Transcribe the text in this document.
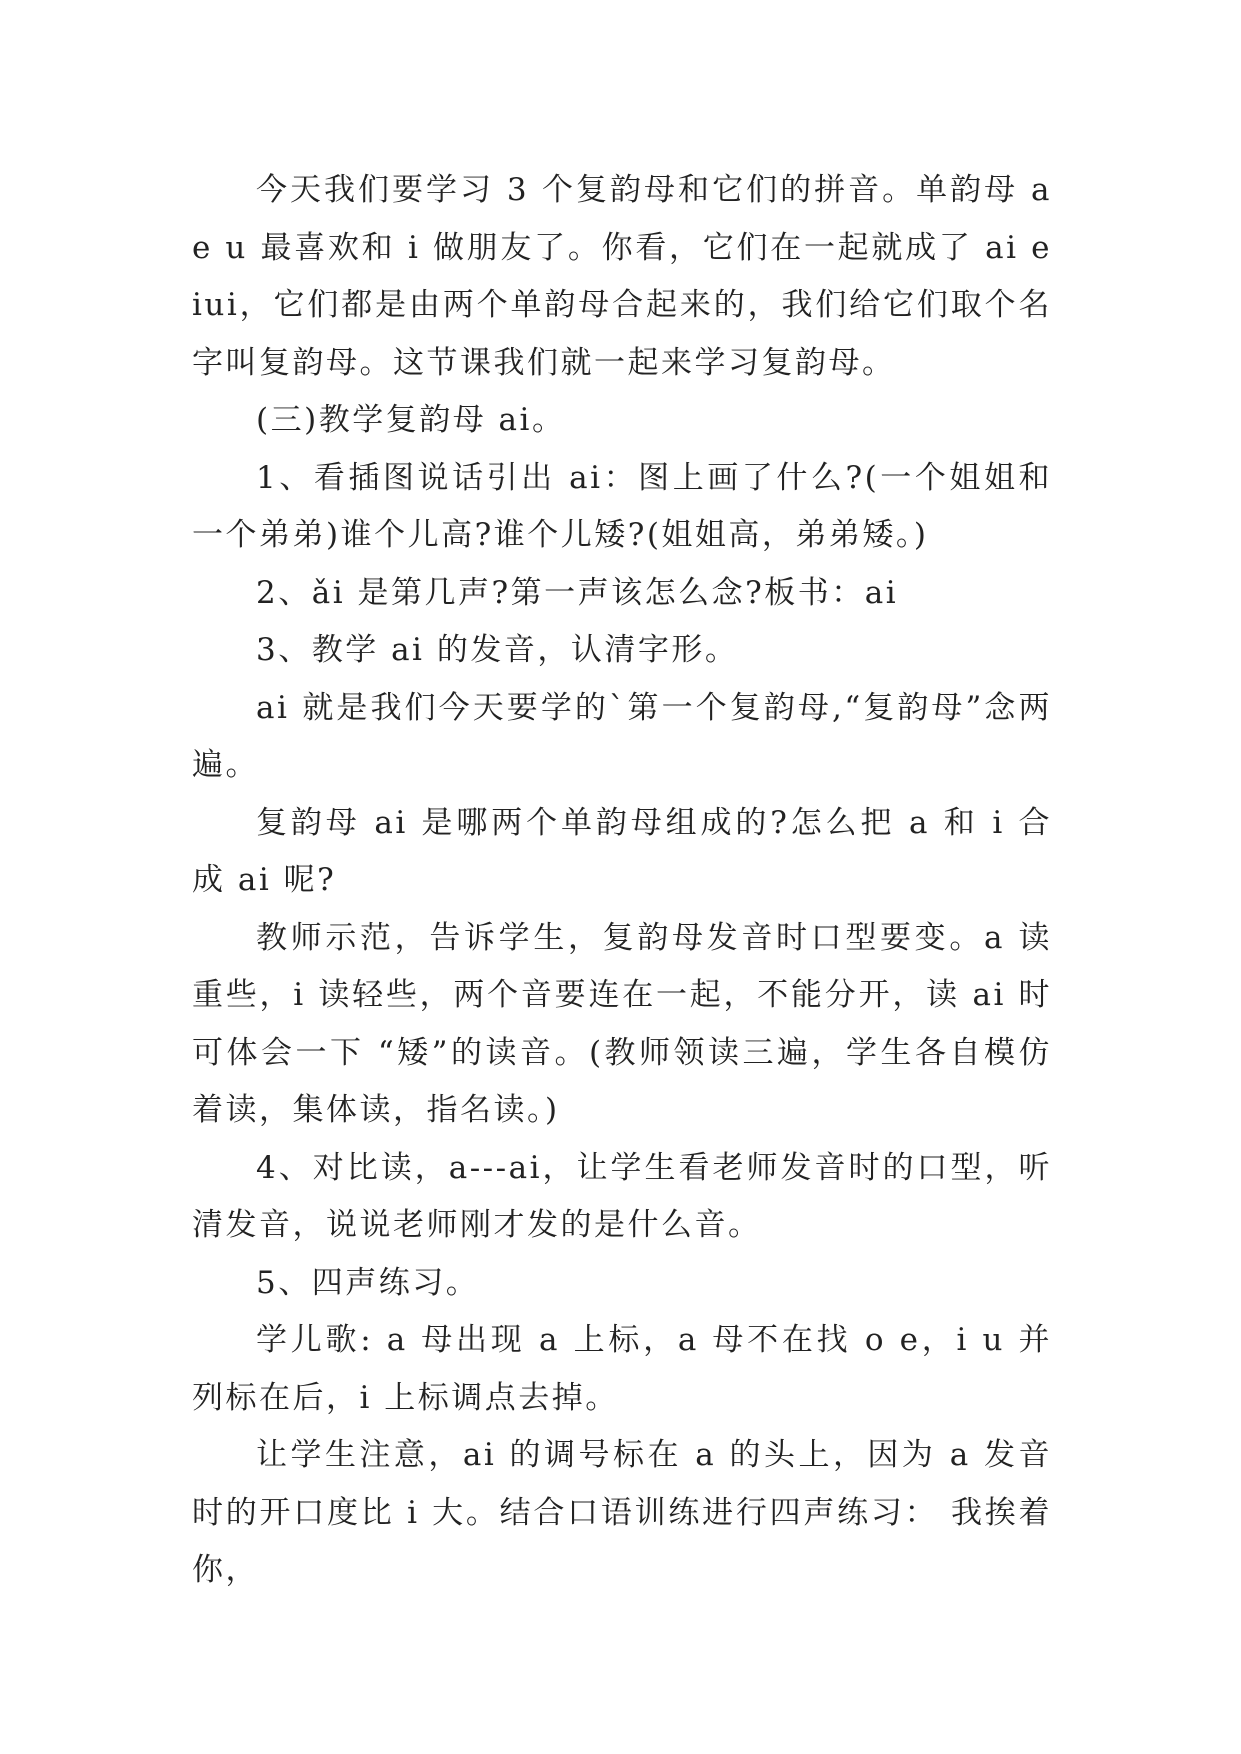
今天我们要学习 3 个复韵母和它们的拼音。单韵母 a e u 最喜欢和 i 做朋友了。你看，它们在一起就成了 ai eiui，它们都是由两个单韵母合起来的，我们给它们取个名字叫复韵母。这节课我们就一起来学习复韵母。

(三)教学复韵母 ai。

1、看插图说话引出 ai：图上画了什么?(一个姐姐和一个弟弟)谁个儿高?谁个儿矮?(姐姐高，弟弟矮。)

2、ǎi 是第几声?第一声该怎么念?板书：ai

3、教学 ai 的发音，认清字形。

ai 就是我们今天要学的`第一个复韵母,“复韵母”念两遍。

复韵母 ai 是哪两个单韵母组成的?怎么把 a 和 i 合成 ai 呢?

教师示范，告诉学生，复韵母发音时口型要变。a 读重些，i 读轻些，两个音要连在一起，不能分开，读 ai 时可体会一下 “矮”的读音。(教师领读三遍，学生各自模仿着读，集体读，指名读。)

4、对比读，a---ai，让学生看老师发音时的口型，听清发音，说说老师刚才发的是什么音。

5、四声练习。

学儿歌: a 母出现 a 上标，a 母不在找 o e，i u 并列标在后，i 上标调点去掉。

让学生注意，ai 的调号标在 a 的头上，因为 a 发音时的开口度比 i 大。结合口语训练进行四声练习： 我挨着你，
